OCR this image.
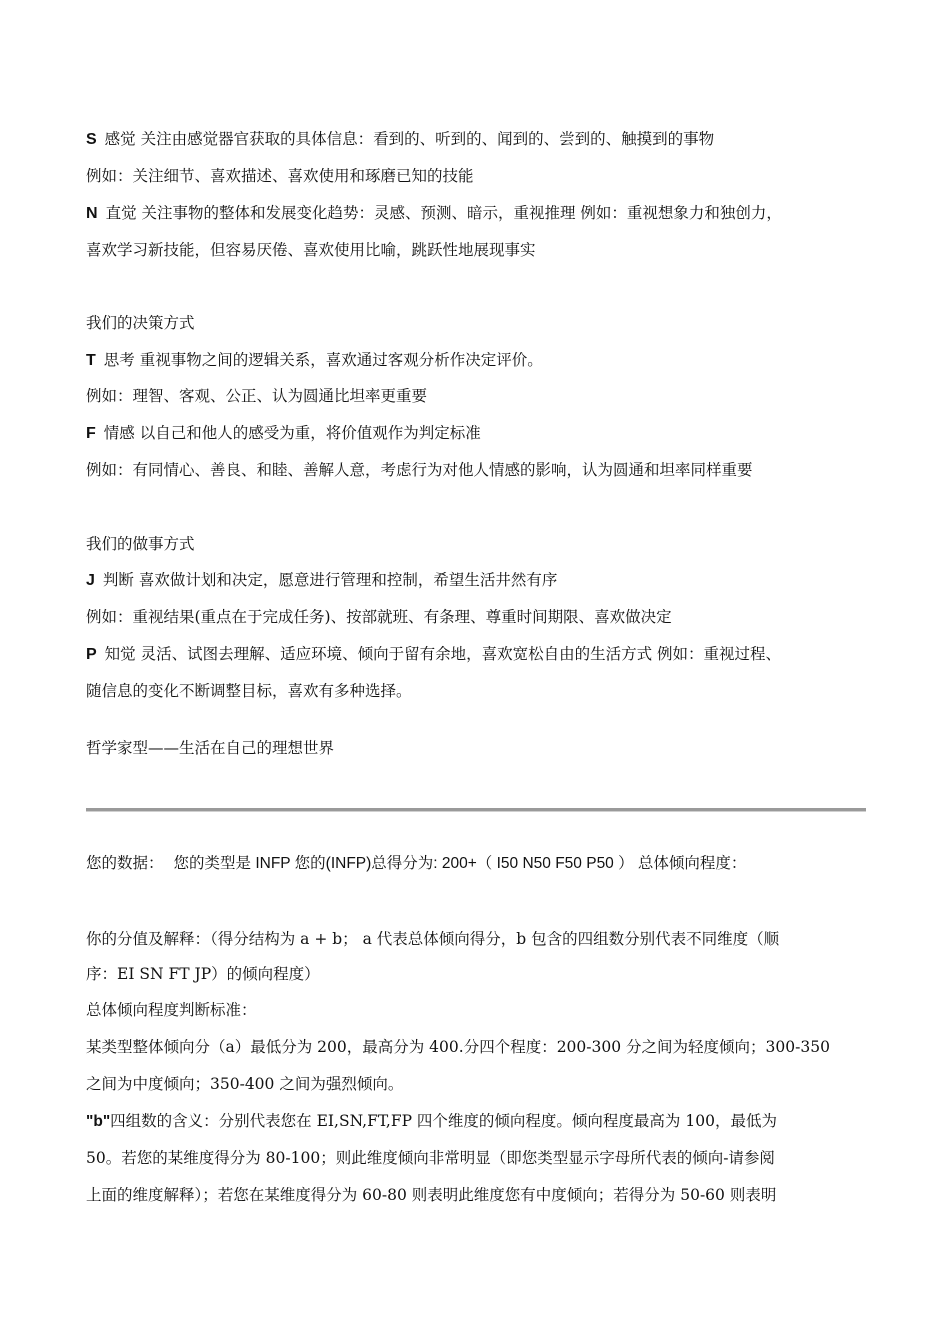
S 感觉 关注由感觉器官获取的具体信息：看到的、听到的、闻到的、尝到的、触摸到的事物
例如：关注细节、喜欢描述、喜欢使用和琢磨已知的技能
N 直觉 关注事物的整体和发展变化趋势：灵感、预测、暗示，重视推理 例如：重视想象力和独创力，
喜欢学习新技能，但容易厌倦、喜欢使用比喻，跳跃性地展现事实
我们的决策方式
T 思考 重视事物之间的逻辑关系，喜欢通过客观分析作决定评价。
例如：理智、客观、公正、认为圆通比坦率更重要
F 情感 以自己和他人的感受为重，将价值观作为判定标准
例如：有同情心、善良、和睦、善解人意，考虑行为对他人情感的影响，认为圆通和坦率同样重要
我们的做事方式
J 判断 喜欢做计划和决定，愿意进行管理和控制，希望生活井然有序
例如：重视结果(重点在于完成任务)、按部就班、有条理、尊重时间期限、喜欢做决定
P 知觉 灵活、试图去理解、适应环境、倾向于留有余地，喜欢宽松自由的生活方式 例如：重视过程、
随信息的变化不断调整目标，喜欢有多种选择。
哲学家型——生活在自己的理想世界
您的数据： 您的类型是 INFP 您的(INFP)总得分为: 200+（ I50 N50 F50 P50 ） 总体倾向程度：
你的分值及解释：（得分结构为 a + b； a 代表总体倾向得分，b 包含的四组数分别代表不同维度（顺
序：EI SN FT JP）的倾向程度）
总体倾向程度判断标准：
某类型整体倾向分（a）最低分为 200，最高分为 400.分四个程度：200-300 分之间为轻度倾向；300-350
之间为中度倾向；350-400 之间为强烈倾向。
"b"四组数的含义：分别代表您在 EI,SN,FT,FP 四个维度的倾向程度。倾向程度最高为 100，最低为
50。若您的某维度得分为 80-100；则此维度倾向非常明显（即您类型显示字母所代表的倾向-请参阅
上面的维度解释）；若您在某维度得分为 60-80 则表明此维度您有中度倾向；若得分为 50-60 则表明
